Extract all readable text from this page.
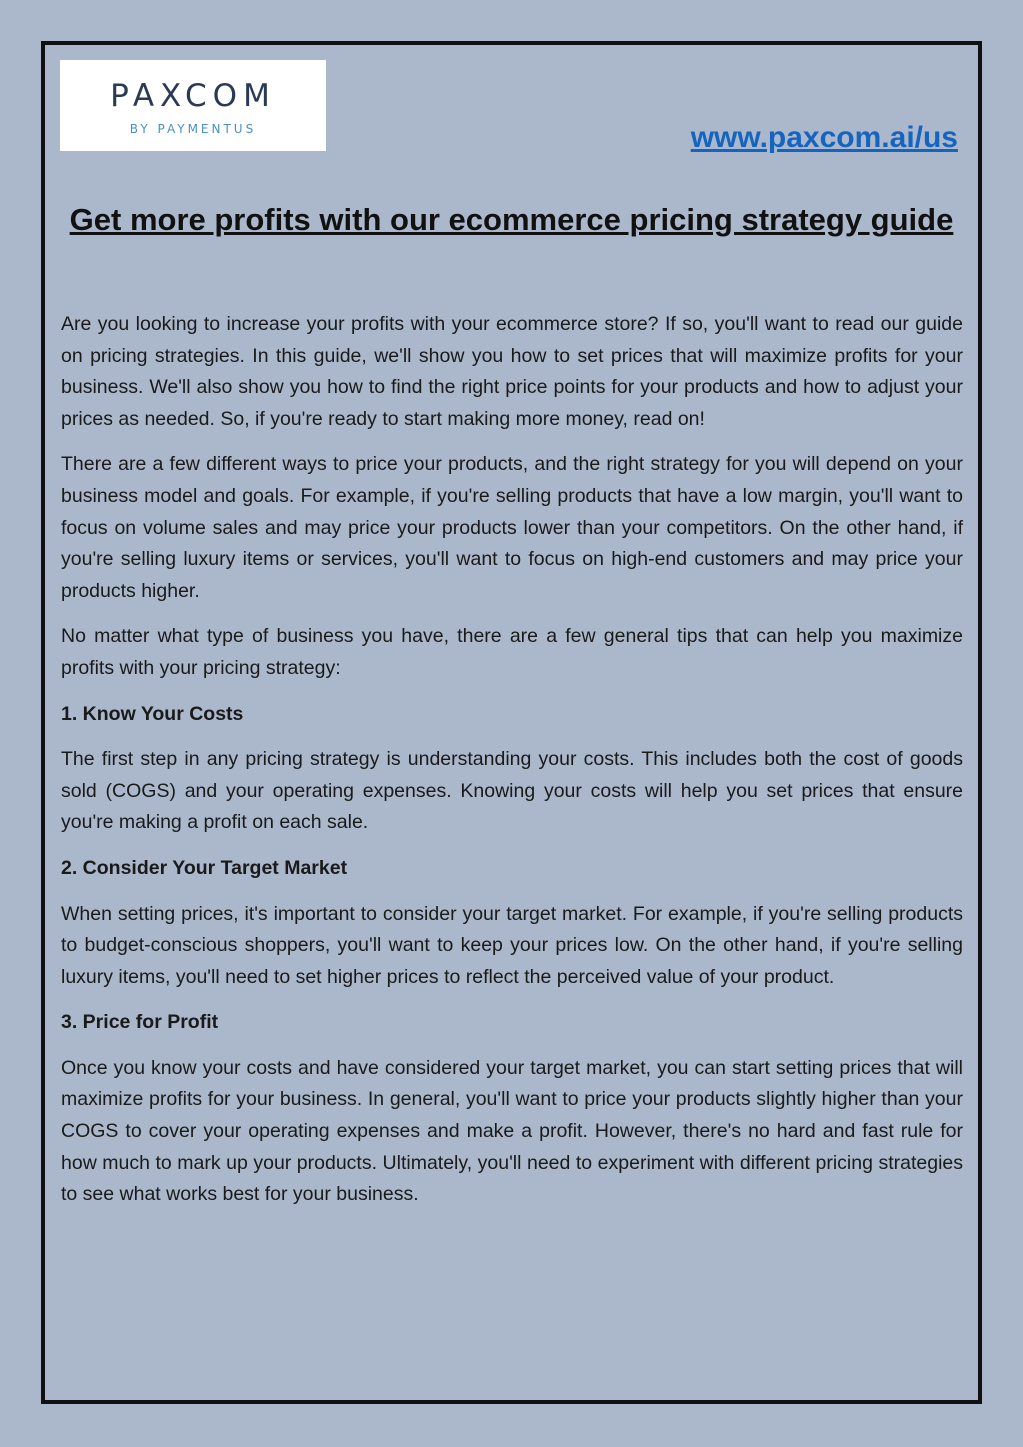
PAXCOM
BY PAYMENTUS	www.paxcom.ai/us
Get more profits with our ecommerce pricing strategy guide

Are you looking to increase your profits with your ecommerce store? If so, you'll want to read our guide on pricing strategies. In this guide, we'll show you how to set prices that will maximize profits for your business. We'll also show you how to find the right price points for your products and how to adjust your prices as needed. So, if you're ready to start making more money, read on!

There are a few different ways to price your products, and the right strategy for you will depend on your business model and goals. For example, if you're selling products that have a low margin, you'll want to focus on volume sales and may price your products lower than your competitors. On the other hand, if you're selling luxury items or services, you'll want to focus on high-end customers and may price your products higher.

No matter what type of business you have, there are a few general tips that can help you maximize profits with your pricing strategy:

1. Know Your Costs

The first step in any pricing strategy is understanding your costs. This includes both the cost of goods sold (COGS) and your operating expenses. Knowing your costs will help you set prices that ensure you're making a profit on each sale.

2. Consider Your Target Market

When setting prices, it's important to consider your target market. For example, if you're selling products to budget-conscious shoppers, you'll want to keep your prices low. On the other hand, if you're selling luxury items, you'll need to set higher prices to reflect the perceived value of your product.

3. Price for Profit

Once you know your costs and have considered your target market, you can start setting prices that will maximize profits for your business. In general, you'll want to price your products slightly higher than your COGS to cover your operating expenses and make a profit. However, there's no hard and fast rule for how much to mark up your products. Ultimately, you'll need to experiment with different pricing strategies to see what works best for your business.
